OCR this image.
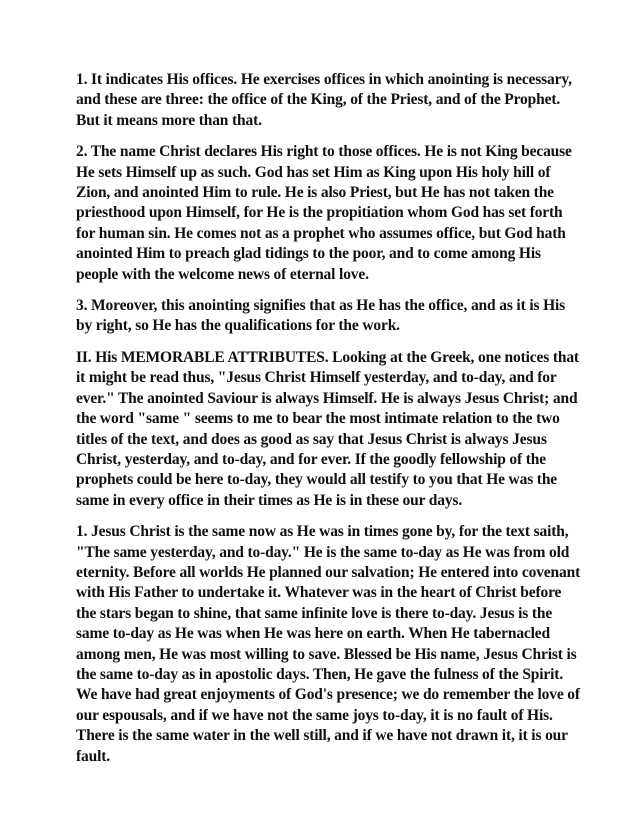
1. It indicates His offices. He exercises offices in which anointing is necessary,
and these are three: the office of the King, of the Priest, and of the Prophet.
But it means more than that.

2. The name Christ declares His right to those offices. He is not King because
He sets Himself up as such. God has set Him as King upon His holy hill of
Zion, and anointed Him to rule. He is also Priest, but He has not taken the
priesthood upon Himself, for He is the propitiation whom God has set forth
for human sin. He comes not as a prophet who assumes office, but God hath
anointed Him to preach glad tidings to the poor, and to come among His
people with the welcome news of eternal love.

3. Moreover, this anointing signifies that as He has the office, and as it is His
by right, so He has the qualifications for the work.

II. His MEMORABLE ATTRIBUTES. Looking at the Greek, one notices that
it might be read thus, "Jesus Christ Himself yesterday, and to-day, and for
ever." The anointed Saviour is always Himself. He is always Jesus Christ; and
the word "same " seems to me to bear the most intimate relation to the two
titles of the text, and does as good as say that Jesus Christ is always Jesus
Christ, yesterday, and to-day, and for ever. If the goodly fellowship of the
prophets could be here to-day, they would all testify to you that He was the
same in every office in their times as He is in these our days.

1. Jesus Christ is the same now as He was in times gone by, for the text saith,
"The same yesterday, and to-day." He is the same to-day as He was from old
eternity. Before all worlds He planned our salvation; He entered into covenant
with His Father to undertake it. Whatever was in the heart of Christ before
the stars began to shine, that same infinite love is there to-day. Jesus is the
same to-day as He was when He was here on earth. When He tabernacled
among men, He was most willing to save. Blessed be His name, Jesus Christ is
the same to-day as in apostolic days. Then, He gave the fulness of the Spirit.
We have had great enjoyments of God's presence; we do remember the love of
our espousals, and if we have not the same joys to-day, it is no fault of His.
There is the same water in the well still, and if we have not drawn it, it is our
fault.
